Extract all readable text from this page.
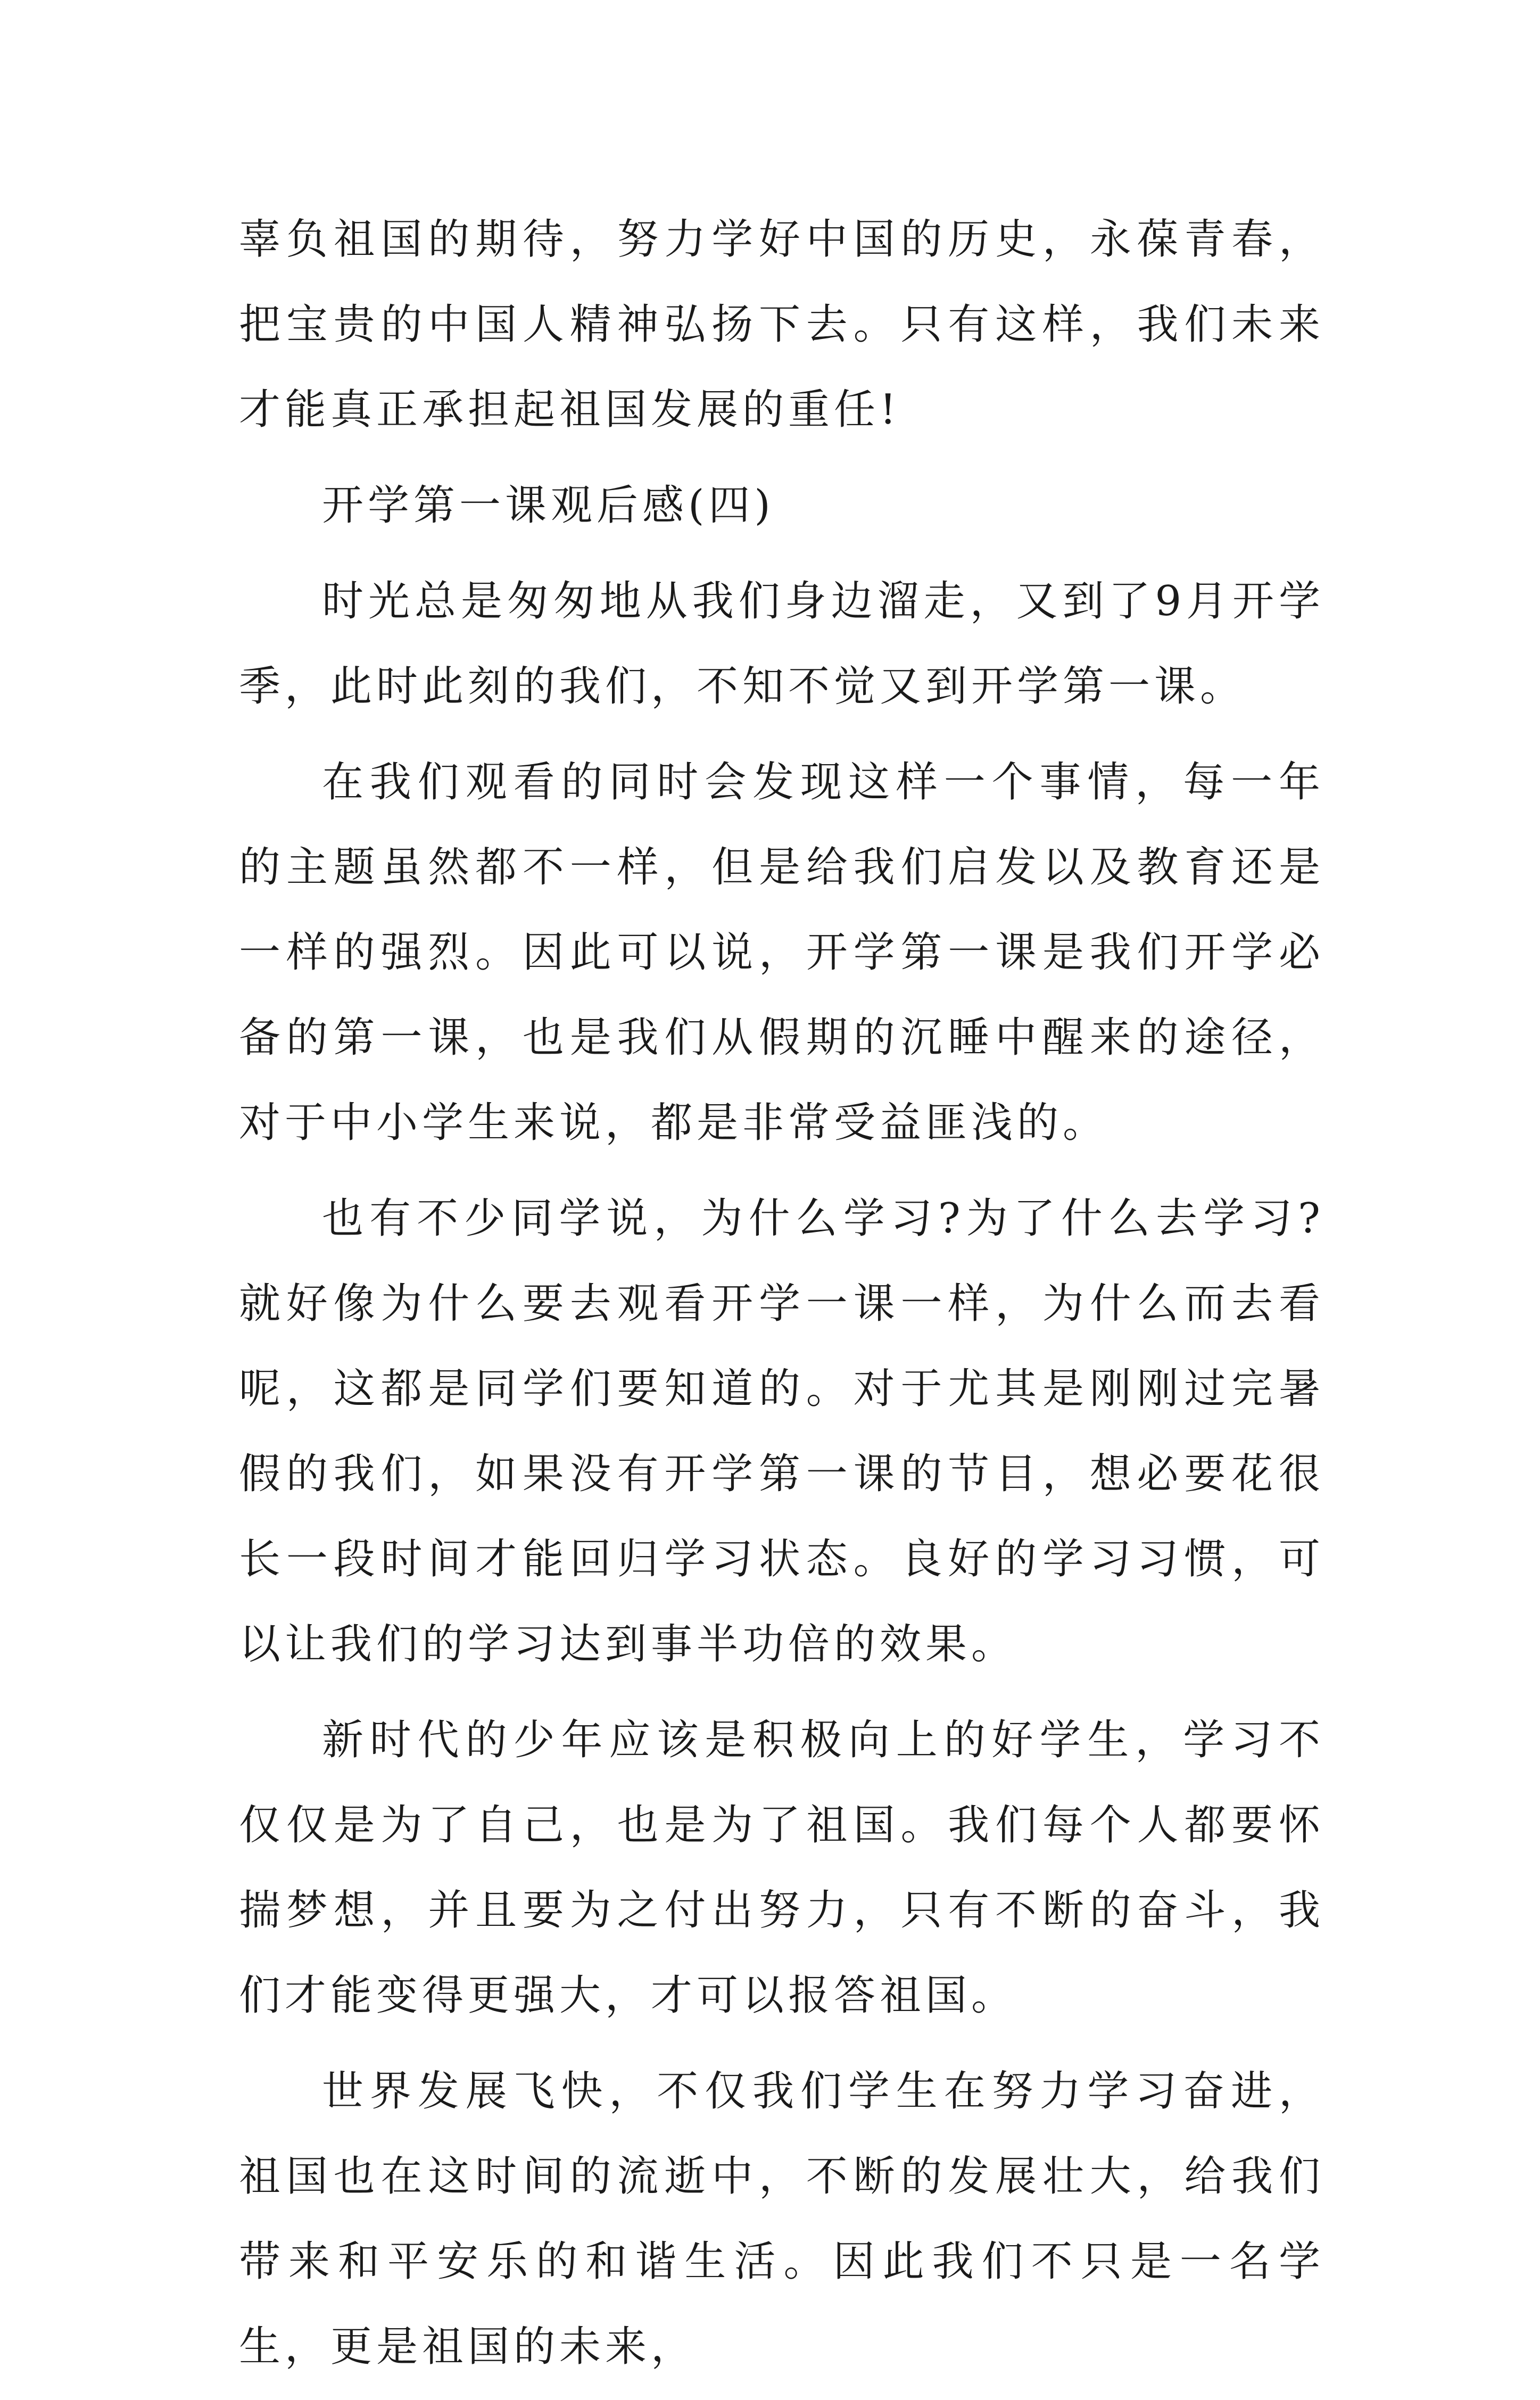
辜负祖国的期待，努力学好中国的历史，永葆青春，把宝贵的中国人精神弘扬下去。只有这样，我们未来才能真正承担起祖国发展的重任!

开学第一课观后感(四)

时光总是匆匆地从我们身边溜走，又到了9月开学季，此时此刻的我们，不知不觉又到开学第一课。

在我们观看的同时会发现这样一个事情，每一年的主题虽然都不一样，但是给我们启发以及教育还是一样的强烈。因此可以说，开学第一课是我们开学必备的第一课，也是我们从假期的沉睡中醒来的途径，对于中小学生来说，都是非常受益匪浅的。

也有不少同学说，为什么学习?为了什么去学习?就好像为什么要去观看开学一课一样，为什么而去看呢，这都是同学们要知道的。对于尤其是刚刚过完暑假的我们，如果没有开学第一课的节目，想必要花很长一段时间才能回归学习状态。良好的学习习惯，可以让我们的学习达到事半功倍的效果。

新时代的少年应该是积极向上的好学生，学习不仅仅是为了自己，也是为了祖国。我们每个人都要怀揣梦想，并且要为之付出努力，只有不断的奋斗，我们才能变得更强大，才可以报答祖国。

世界发展飞快，不仅我们学生在努力学习奋进，祖国也在这时间的流逝中，不断的发展壮大，给我们带来和平安乐的和谐生活。因此我们不只是一名学生，更是祖国的未来，
